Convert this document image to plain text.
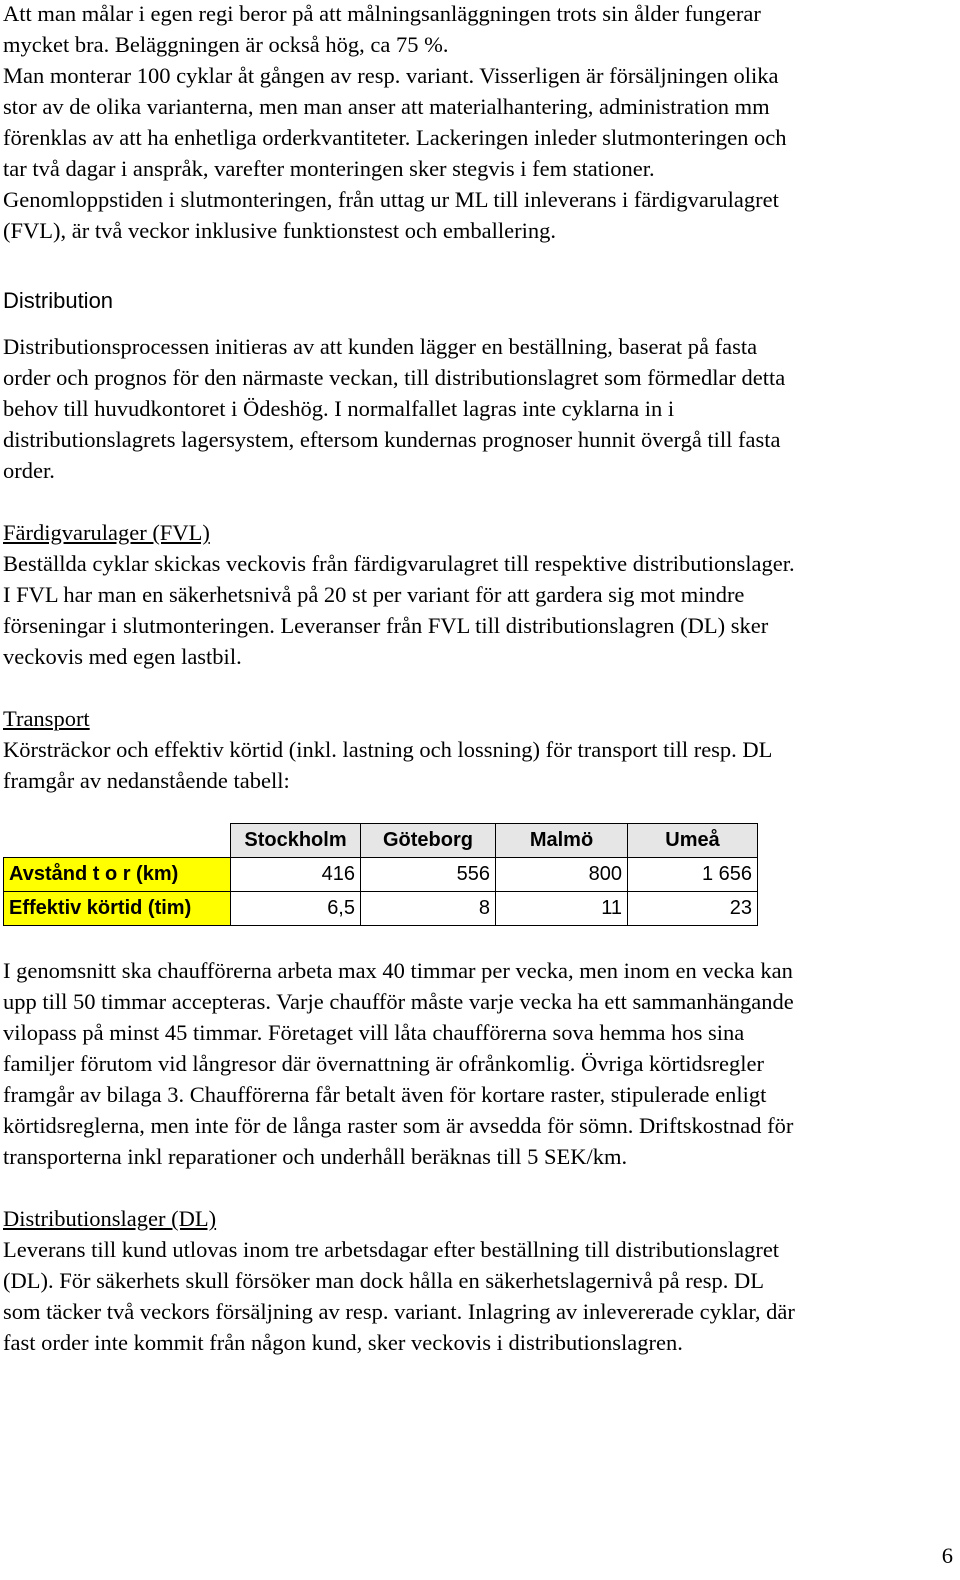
Att man målar i egen regi beror på att målningsanläggningen trots sin ålder fungerar
mycket bra. Beläggningen är också hög, ca 75 %.
Man monterar 100 cyklar åt gången av resp. variant. Visserligen är försäljningen olika
stor av de olika varianterna, men man anser att materialhantering, administration mm
förenklas av att ha enhetliga orderkvantiteter. Lackeringen inleder slutmonteringen och
tar två dagar i anspråk, varefter monteringen sker stegvis i fem stationer.
Genomloppstiden i slutmonteringen, från uttag ur ML till inleverans i färdigvarulagret
(FVL), är två veckor inklusive funktionstest och emballering.
Distribution
Distributionsprocessen initieras av att kunden lägger en beställning, baserat på fasta
order och prognos för den närmaste veckan, till distributionslagret som förmedlar detta
behov till huvudkontoret i Ödeshög. I normalfallet lagras inte cyklarna in i
distributionslagrets lagersystem, eftersom kundernas prognoser hunnit övergå till fasta
order.
Färdigvarulager (FVL)
Beställda cyklar skickas veckovis från färdigvarulagret till respektive distributionslager.
I FVL har man en säkerhetsnivå på 20 st per variant för att gardera sig mot mindre
förseningar i slutmonteringen. Leveranser från FVL till distributionslagren (DL) sker
veckovis med egen lastbil.
Transport
Körsträckor och effektiv körtid (inkl. lastning och lossning) för transport till resp. DL
framgår av nedanstående tabell:
I genomsnitt ska chaufförerna arbeta max 40 timmar per vecka, men inom en vecka kan
upp till 50 timmar accepteras. Varje chaufför måste varje vecka ha ett sammanhängande
vilopass på minst 45 timmar. Företaget vill låta chaufförerna sova hemma hos sina
familjer förutom vid långresor där övernattning är ofrånkomlig. Övriga körtidsregler
framgår av bilaga 3. Chaufförerna får betalt även för kortare raster, stipulerade enligt
körtidsreglerna, men inte för de långa raster som är avsedda för sömn. Driftskostnad för
transporterna inkl reparationer och underhåll beräknas till 5 SEK/km.
Distributionslager (DL)
Leverans till kund utlovas inom tre arbetsdagar efter beställning till distributionslagret
(DL). För säkerhets skull försöker man dock hålla en säkerhetslagernivå på resp. DL
som täcker två veckors försäljning av resp. variant. Inlagring av inlevererade cyklar, där
fast order inte kommit från någon kund, sker veckovis i distributionslagren.
	Stockholm	Göteborg	Malmö	Umeå
Avstånd t o r (km)	416	556	800	1 656
Effektiv körtid (tim)	6,5	8	11	23
6
